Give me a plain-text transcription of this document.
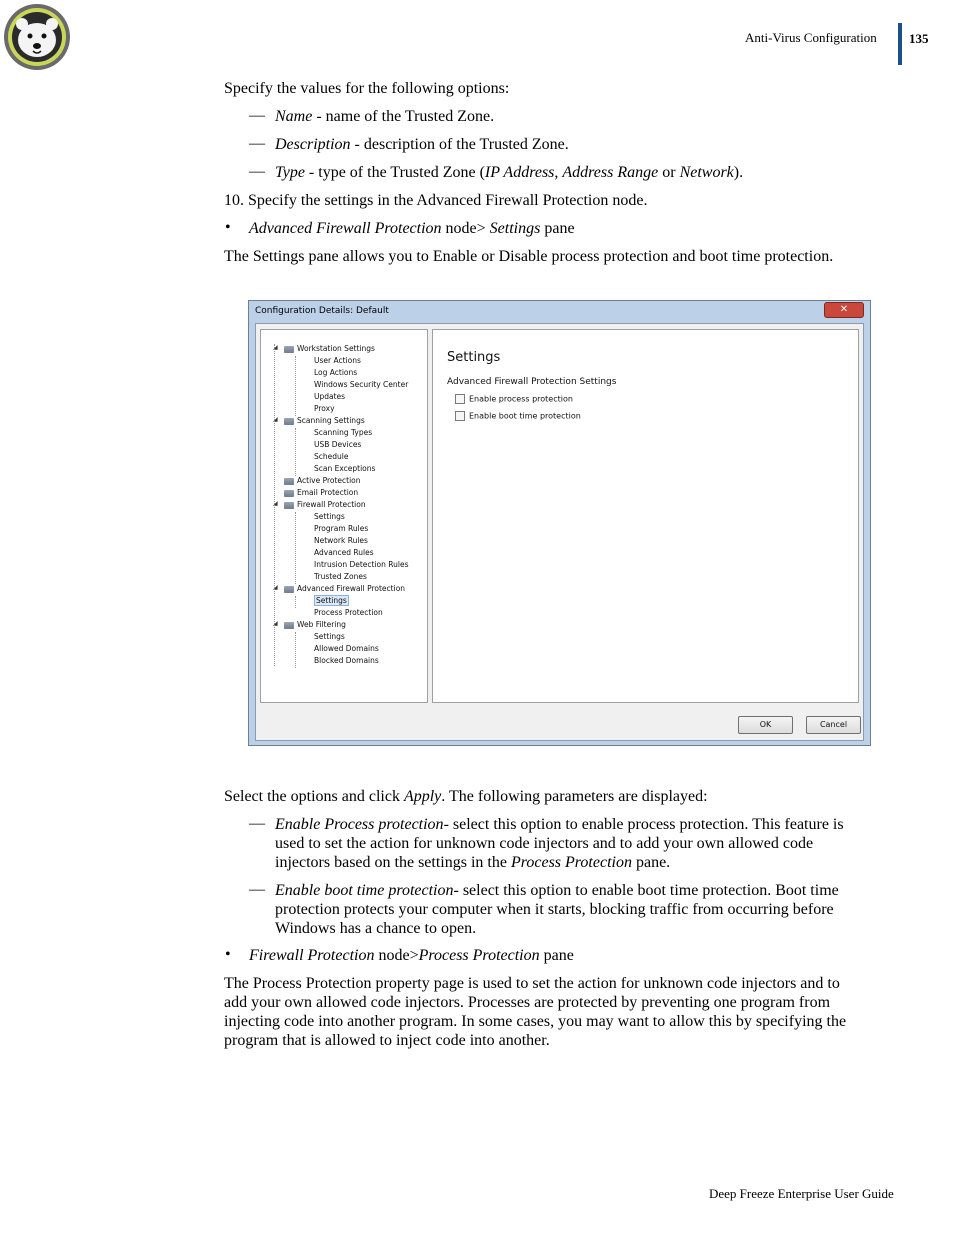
Anti-Virus Configuration 135
Specify the values for the following options:
— Name - name of the Trusted Zone.
— Description - description of the Trusted Zone.
— Type - type of the Trusted Zone (IP Address, Address Range or Network).
10. Specify the settings in the Advanced Firewall Protection node.
• Advanced Firewall Protection node> Settings pane
The Settings pane allows you to Enable or Disable process protection and boot time protection.
Configuration Details: Default	✕
◢	Workstation Settings
User Actions
Log Actions
Windows Security Center
Updates
Proxy
◢	Scanning Settings
Scanning Types
USB Devices
Schedule
Scan Exceptions
Active Protection
Email Protection
◢	Firewall Protection
Settings
Program Rules
Network Rules
Advanced Rules
Intrusion Detection Rules
Trusted Zones
◢	Advanced Firewall Protection
Settings
Process Protection
◢	Web Filtering
Settings
Allowed Domains
Blocked Domains
Settings
Advanced Firewall Protection Settings
Enable process protection
Enable boot time protection
OK	Cancel
Select the options and click Apply. The following parameters are displayed:
— Enable Process protection- select this option to enable process protection. This feature is
used to set the action for unknown code injectors and to add your own allowed code
injectors based on the settings in the Process Protection pane.
— Enable boot time protection- select this option to enable boot time protection. Boot time
protection protects your computer when it starts, blocking traffic from occurring before
Windows has a chance to open.
• Firewall Protection node>Process Protection pane
The Process Protection property page is used to set the action for unknown code injectors and to
add your own allowed code injectors. Processes are protected by preventing one program from
injecting code into another program. In some cases, you may want to allow this by specifying the
program that is allowed to inject code into another.
Deep Freeze Enterprise User Guide
